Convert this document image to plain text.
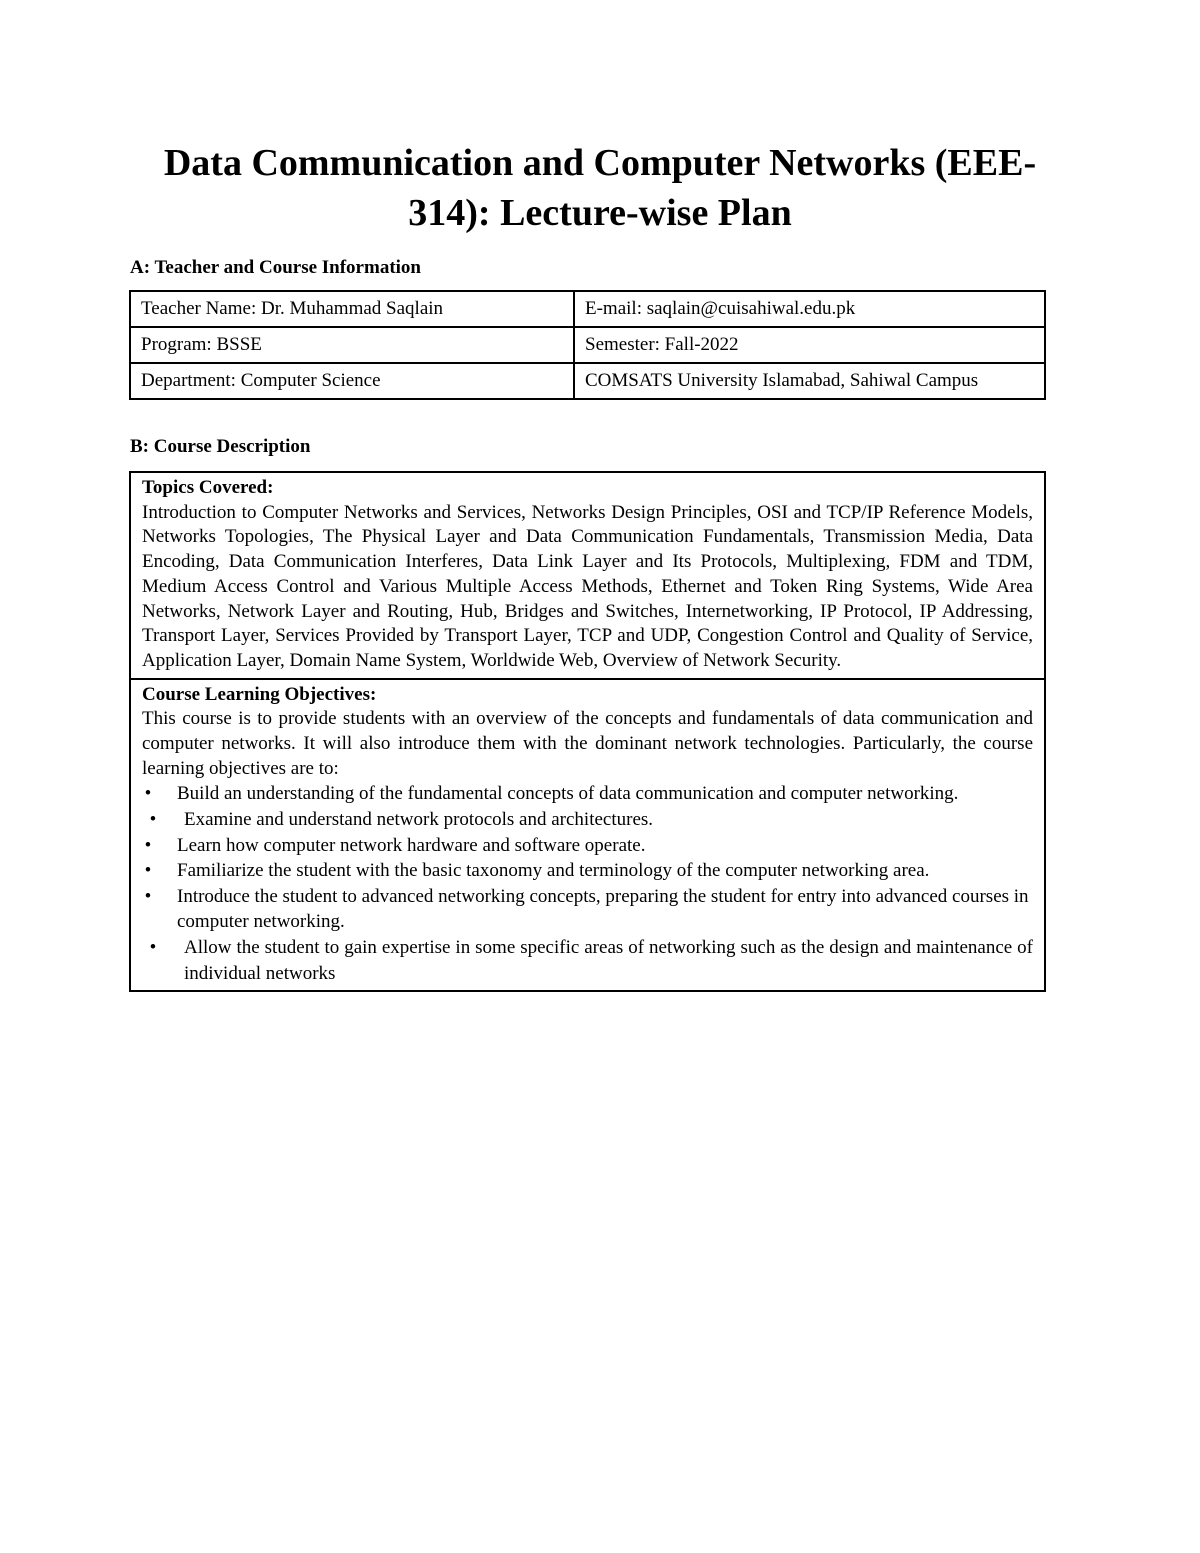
Data Communication and Computer Networks (EEE-
314): Lecture-wise Plan
A: Teacher and Course Information
Teacher Name: Dr. Muhammad Saqlain	E-mail: saqlain@cuisahiwal.edu.pk
Program: BSSE	Semester: Fall-2022
Department: Computer Science	COMSATS University Islamabad, Sahiwal Campus
B: Course Description
Topics Covered:
Introduction to Computer Networks and Services, Networks Design Principles, OSI and TCP/IP Reference Models, Networks Topologies, The Physical Layer and Data Communication Fundamentals, Transmission Media, Data Encoding, Data Communication Interferes, Data Link Layer and Its Protocols, Multiplexing, FDM and TDM, Medium Access Control and Various Multiple Access Methods, Ethernet and Token Ring Systems, Wide Area Networks, Network Layer and Routing, Hub, Bridges and Switches, Internetworking, IP Protocol, IP Addressing, Transport Layer, Services Provided by Transport Layer, TCP and UDP, Congestion Control and Quality of Service, Application Layer, Domain Name System, Worldwide Web, Overview of Network Security.

Course Learning Objectives:
This course is to provide students with an overview of the concepts and fundamentals of data communication and computer networks. It will also introduce them with the dominant network technologies. Particularly, the course learning objectives are to:
• Build an understanding of the fundamental concepts of data communication and computer networking.
• Examine and understand network protocols and architectures.
• Learn how computer network hardware and software operate.
• Familiarize the student with the basic taxonomy and terminology of the computer networking area.
• Introduce the student to advanced networking concepts, preparing the student for entry into advanced courses in computer networking.
• Allow the student to gain expertise in some specific areas of networking such as the design and maintenance of individual networks
